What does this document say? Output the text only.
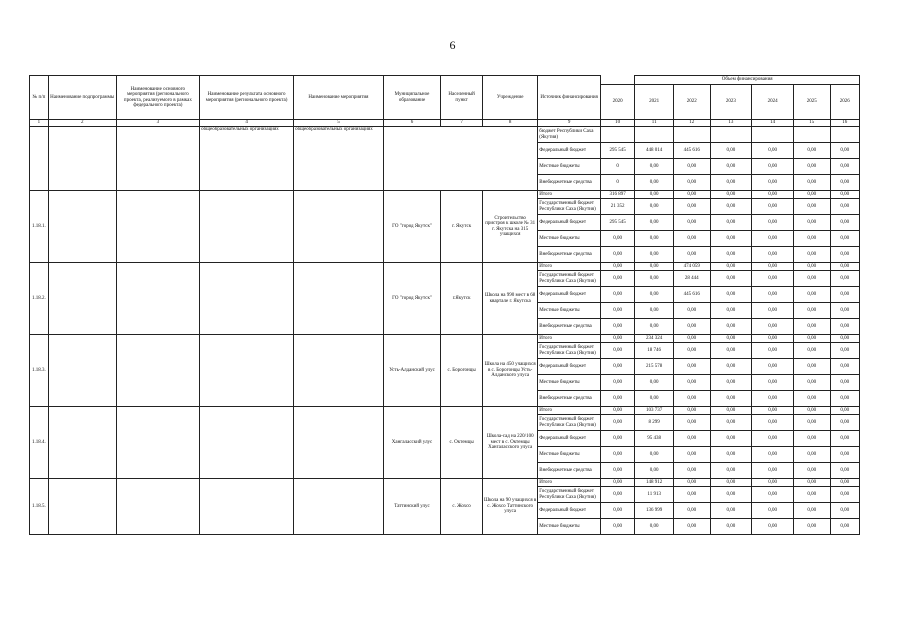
6
№ п/п	Наименование подпрограммы	Наименование основного мероприятия (регионального проекта, реализуемого в рамках федерального проекта)	Наименование результата основного мероприятия (регионального проекта)	Наименование мероприятия	Муниципальное образование	Населенный пункт	Учреждение	Источник финансирования		Объем финансирования					
									2020	2021	2022	2023	2024	2025	2026
1	2	3	4	5	6	7	8	9	10	11	12	13	14	15	16
			общеобразовательных организациях	общеобразовательных организациях				бюджет Республики Саха (Якутия)							
								Федеральный бюджет	295 545	448 014	445 616	0,00	0,00	0,00	0,00
								Местные бюджеты	0	0,00	0,00	0,00	0,00	0,00	0,00
								Внебюджетные средства	0	0,00	0,00	0,00	0,00	0,00	0,00
1.18.1.					ГО "город Якутск"	г. Якутск	Строительство пристроя к школе № 31 г. Якутска на 315 учащихся	Итого	316 897	0,00	0,00	0,00	0,00	0,00	0,00
								Государственный бюджет Республики Саха (Якутия)	21 352	0,00	0,00	0,00	0,00	0,00	0,00
								Федеральный бюджет	295 545	0,00	0,00	0,00	0,00	0,00	0,00
								Местные бюджеты	0,00	0,00	0,00	0,00	0,00	0,00	0,00
								Внебюджетные средства	0,00	0,00	0,00	0,00	0,00	0,00	0,00
1.18.2.					ГО "город Якутск"	г.Якутск	Школа на 990 мест в 68 квартале г. Якутска	Итого	0,00	0,00	474 059	0,00	0,00	0,00	0,00
								Государственный бюджет Республики Саха (Якутия)	0,00	0,00	28 444	0,00	0,00	0,00	0,00
								Федеральный бюджет	0,00	0,00	445 616	0,00	0,00	0,00	0,00
								Местные бюджеты	0,00	0,00	0,00	0,00	0,00	0,00	0,00
								Внебюджетные средства	0,00	0,00	0,00	0,00	0,00	0,00	0,00
1.18.3.					Усть-Алданский улус	с. Борогонцы	Школа на 450 учащихся в с. Борогонцы Усть-Алданского улуса	Итого	0,00	234 324	0,00	0,00	0,00	0,00	0,00
								Государственный бюджет Республики Саха (Якутия)	0,00	18 746	0,00	0,00	0,00	0,00	0,00
								Федеральный бюджет	0,00	215 578	0,00	0,00	0,00	0,00	0,00
								Местные бюджеты	0,00	0,00	0,00	0,00	0,00	0,00	0,00
								Внебюджетные средства	0,00	0,00	0,00	0,00	0,00	0,00	0,00
1.18.4.					Хангаласский улус	с. Октемцы	Школа-сад на 220/100 мест в с. Октемцы Хангаласского улуса	Итого	0,00	103 737	0,00	0,00	0,00	0,00	0,00
								Государственный бюджет Республики Саха (Якутия)	0,00	8 299	0,00	0,00	0,00	0,00	0,00
								Федеральный бюджет	0,00	95 438	0,00	0,00	0,00	0,00	0,00
								Местные бюджеты	0,00	0,00	0,00	0,00	0,00	0,00	0,00
								Внебюджетные средства	0,00	0,00	0,00	0,00	0,00	0,00	0,00
1.18.5.					Таттинский улус	с. Жохсо	Школа на 90 учащихся в с. Жохсо Таттинского улуса	Итого	0,00	148 912	0,00	0,00	0,00	0,00	0,00
								Государственный бюджет Республики Саха (Якутия)	0,00	11 913	0,00	0,00	0,00	0,00	0,00
								Федеральный бюджет	0,00	136 999	0,00	0,00	0,00	0,00	0,00
								Местные бюджеты	0,00	0,00	0,00	0,00	0,00	0,00	0,00
